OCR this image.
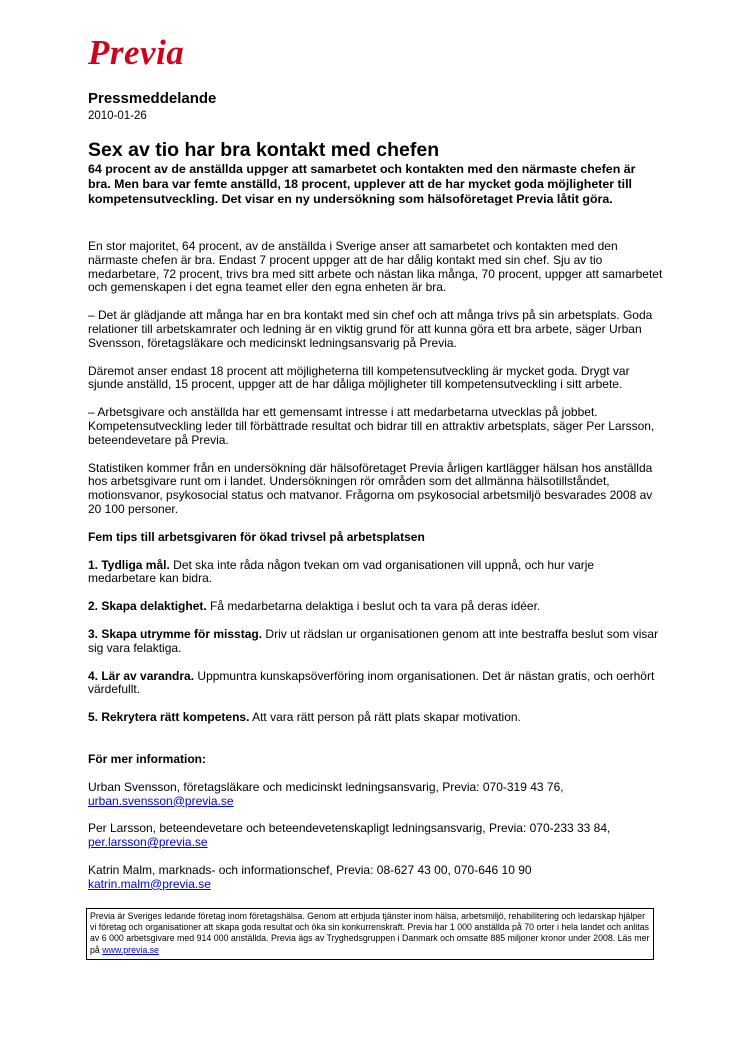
Previa
Pressmeddelande
2010-01-26
Sex av tio har bra kontakt med chefen
64 procent av de anställda uppger att samarbetet och kontakten med den närmaste chefen är bra. Men bara var femte anställd, 18 procent, upplever att de har mycket goda möjligheter till kompetensutveckling. Det visar en ny undersökning som hälsoföretaget Previa låtit göra.

En stor majoritet, 64 procent, av de anställda i Sverige anser att samarbetet och kontakten med den närmaste chefen är bra. Endast 7 procent uppger att de har dålig kontakt med sin chef. Sju av tio medarbetare, 72 procent, trivs bra med sitt arbete och nästan lika många, 70 procent, uppger att samarbetet och gemenskapen i det egna teamet eller den egna enheten är bra.

– Det är glädjande att många har en bra kontakt med sin chef och att många trivs på sin arbetsplats. Goda relationer till arbetskamrater och ledning är en viktig grund för att kunna göra ett bra arbete, säger Urban Svensson, företagsläkare och medicinskt ledningsansvarig på Previa.

Däremot anser endast 18 procent att möjligheterna till kompetensutveckling är mycket goda. Drygt var sjunde anställd, 15 procent, uppger att de har dåliga möjligheter till kompetensutveckling i sitt arbete.

– Arbetsgivare och anställda har ett gemensamt intresse i att medarbetarna utvecklas på jobbet. Kompetensutveckling leder till förbättrade resultat och bidrar till en attraktiv arbetsplats, säger Per Larsson, beteendevetare på Previa.

Statistiken kommer från en undersökning där hälsoföretaget Previa årligen kartlägger hälsan hos anställda hos arbetsgivare runt om i landet. Undersökningen rör områden som det allmänna hälsotillståndet, motionsvanor, psykosocial status och matvanor. Frågorna om psykosocial arbetsmiljö besvarades 2008 av 20 100 personer.

Fem tips till arbetsgivaren för ökad trivsel på arbetsplatsen

1. Tydliga mål. Det ska inte råda någon tvekan om vad organisationen vill uppnå, och hur varje medarbetare kan bidra.

2. Skapa delaktighet. Få medarbetarna delaktiga i beslut och ta vara på deras idéer.

3. Skapa utrymme för misstag. Driv ut rädslan ur organisationen genom att inte bestraffa beslut som visar sig vara felaktiga.

4. Lär av varandra. Uppmuntra kunskapsöverföring inom organisationen. Det är nästan gratis, och oerhört värdefullt.

5. Rekrytera rätt kompetens. Att vara rätt person på rätt plats skapar motivation.

För mer information:

Urban Svensson, företagsläkare och medicinskt ledningsansvarig, Previa: 070-319 43 76,
urban.svensson@previa.se

Per Larsson, beteendevetare och beteendevetenskapligt ledningsansvarig, Previa: 070-233 33 84,
per.larsson@previa.se

Katrin Malm, marknads- och informationschef, Previa: 08-627 43 00, 070-646 10 90
katrin.malm@previa.se

Previa är Sveriges ledande företag inom företagshälsa. Genom att erbjuda tjänster inom hälsa, arbetsmiljö, rehabilitering och ledarskap hjälper vi företag och organisationer att skapa goda resultat och öka sin konkurrenskraft. Previa har 1 000 anställda på 70 orter i hela landet och anlitas av 6 000 arbetsgivare med 914 000 anställda. Previa ägs av Tryghedsgruppen i Danmark och omsatte 885 miljoner kronor under 2008. Läs mer på www.previa.se
